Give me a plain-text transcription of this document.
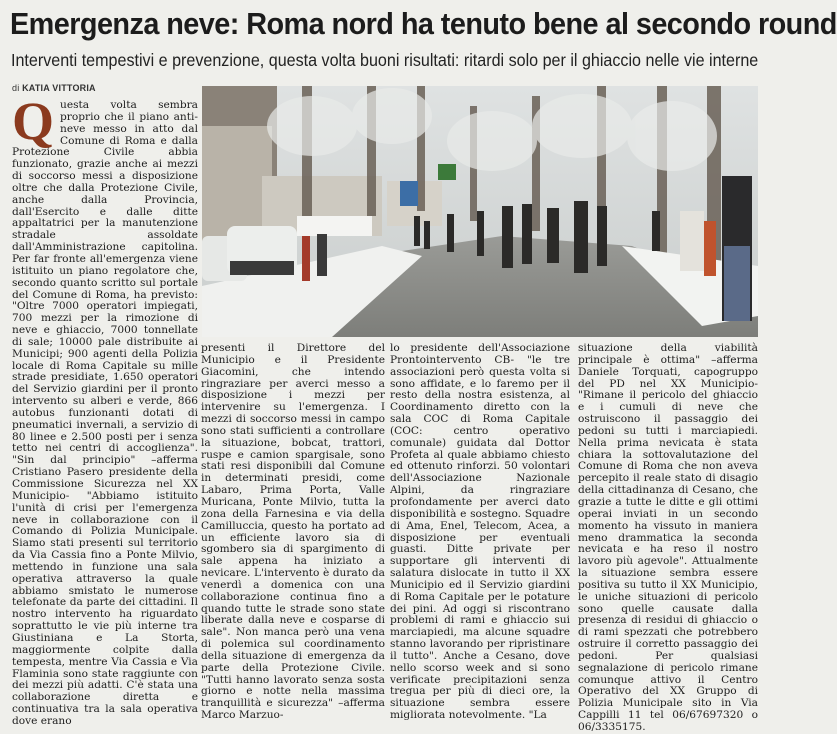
Emergenza neve: Roma nord ha tenuto bene al secondo round
Interventi tempestivi e prevenzione, questa volta buoni risultati: ritardi solo per il ghiaccio nelle vie interne
di KATIA VITTORIA
Questa volta sembra proprio che il piano anti-neve messo in atto dal Comune di Roma e dalla Protezione Civile abbia funzionato, grazie anche ai mezzi di soccorso messi a disposizione oltre che dalla Protezione Civile, anche dalla Provincia, dall'Esercito e dalle ditte appaltatrici per la manutenzione stradale assoldate dall'Amministrazione capitolina. Per far fronte all'emergenza viene istituito un piano regolatore che, secondo quanto scritto sul portale del Comune di Roma, ha previsto: "Oltre 7000 operatori impiegati, 700 mezzi per la rimozione di neve e ghiaccio, 7000 tonnellate di sale; 10000 pale distribuite ai Municipi; 900 agenti della Polizia locale di Roma Capitale su mille strade presidiate, 1.650 operatori del Servizio giardini per il pronto intervento su alberi e verde, 866 autobus funzionanti dotati di pneumatici invernali, a servizio di 80 linee e 2.500 posti per i senza tetto nei centri di accoglienza". "Sin dal principio" –afferma Cristiano Pasero presidente della Commissione Sicurezza nel XX Municipio- "Abbiamo istituito l'unità di crisi per l'emergenza neve in collaborazione con il Comando di Polizia Municipale. Siamo stati presenti sul territorio da Via Cassia fino a Ponte Milvio, mettendo in funzione una sala operativa attraverso la quale abbiamo smistato le numerose telefonate da parte dei cittadini. Il nostro intervento ha riguardato soprattutto le vie più interne tra Giustiniana e La Storta, maggiormente colpite dalla tempesta, mentre Via Cassia e Via Flaminia sono state raggiunte con dei mezzi più adatti. C'è stata una collaborazione diretta e continuativa tra la sala operativa dove erano
presenti il Direttore del Municipio e il Presidente Giacomini, che intendo ringraziare per averci messo a disposizione i mezzi per intervenire su l'emergenza. I mezzi di soccorso messi in campo sono stati sufficienti a controllare la situazione, bobcat, trattori, ruspe e camion spargisale, sono stati resi disponibili dal Comune in determinati presidi, come Labaro, Prima Porta, Valle Muricana, Ponte Milvio, tutta la zona della Farnesina e via della Camilluccia, questo ha portato ad un efficiente lavoro sia di sgombero sia di spargimento di sale appena ha iniziato a nevicare. L'intervento è durato da venerdì a domenica con una collaborazione continua fino a quando tutte le strade sono state liberate dalla neve e cosparse di sale". Non manca però una vena di polemica sul coordinamento della situazione di emergenza da parte della Protezione Civile. "Tutti hanno lavorato senza sosta giorno e notte nella massima tranquillità e sicurezza" –afferma Marco Marzuo-
lo presidente dell'Associazione Prontointervento CB- "le tre associazioni però questa volta si sono affidate, e lo faremo per il resto della nostra esistenza, al Coordinamento diretto con la sala COC di Roma Capitale (COC: centro operativo comunale) guidata dal Dottor Profeta al quale abbiamo chiesto ed ottenuto rinforzi. 50 volontari dell'Associazione Nazionale Alpini, da ringraziare profondamente per averci dato disponibilità e sostegno. Squadre di Ama, Enel, Telecom, Acea, a disposizione per eventuali guasti. Ditte private per supportare gli interventi di salatura dislocate in tutto il XX Municipio ed il Servizio giardini di Roma Capitale per le potature dei pini. Ad oggi si riscontrano problemi di rami e ghiaccio sui marciapiedi, ma alcune squadre stanno lavorando per ripristinare il tutto". Anche a Cesano, dove nello scorso week and si sono verificate precipitazioni senza tregua per più di dieci ore, la situazione sembra essere migliorata notevolmente. "La
situazione della viabilità principale è ottima" –afferma Daniele Torquati, capogruppo del PD nel XX Municipio- "Rimane il pericolo del ghiaccio e i cumuli di neve che ostruiscono il passaggio dei pedoni su tutti i marciapiedi. Nella prima nevicata è stata chiara la sottovalutazione del Comune di Roma che non aveva percepito il reale stato di disagio della cittadinanza di Cesano, che grazie a tutte le ditte e gli ottimi operai inviati in un secondo momento ha vissuto in maniera meno drammatica la seconda nevicata e ha reso il nostro lavoro più agevole". Attualmente la situazione sembra essere positiva su tutto il XX Municipio, le uniche situazioni di pericolo sono quelle causate dalla presenza di residui di ghiaccio o di rami spezzati che potrebbero ostruire il corretto passaggio dei pedoni. Per qualsiasi segnalazione di pericolo rimane comunque attivo il Centro Operativo del XX Gruppo di Polizia Municipale sito in Via Cappilli 11 tel 06/67697320 o 06/3335175.
